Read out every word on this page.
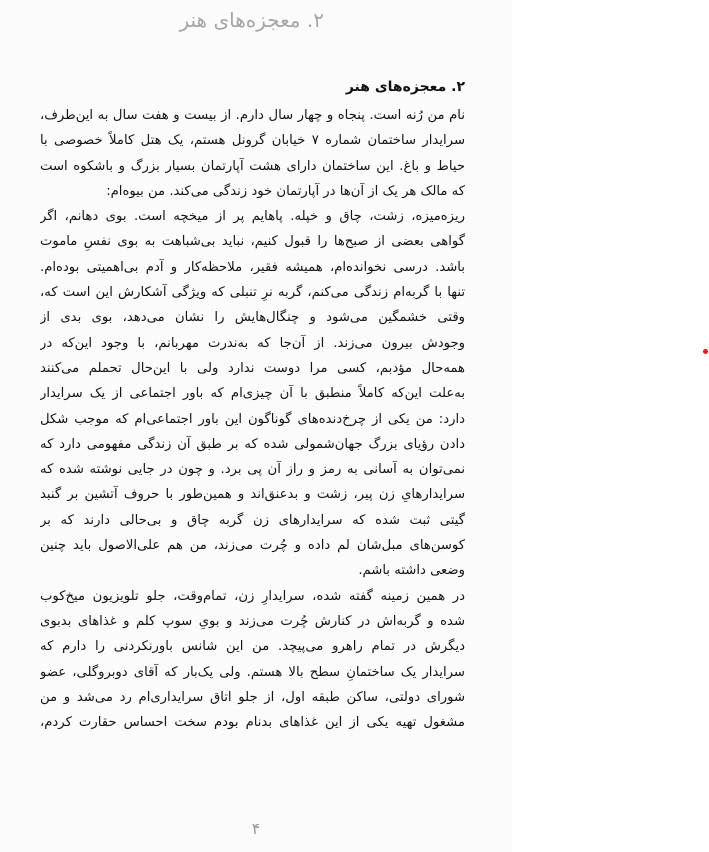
۲. معجزه‌های هنر
۲. معجزه‌های هنر
نام من رُنه است. پنجاه و چهار سال دارم. از بیست و هفت سال به این‌طرف،
سرایدار ساختمان شماره ۷ خیابان گرونل هستم، یک هتل کاملاً خصوصی با
حیاط و باغ. این ساختمان دارای هشت آپارتمان بسیار بزرگ و باشکوه است
که مالک هر یک از آن‌ها در آپارتمان خود زندگی می‌کند. من بیوه‌ام:
ریزه‌میزه، زشت، چاق و خپله. پاهایم پر از میخچه است. بوی دهانم، اگر
گواهی بعضی از صبح‌ها را قبول کنیم، نباید بی‌شباهت به بوی نفسِ ماموت
باشد. درسی نخوانده‌ام، همیشه فقیر، ملاحظه‌کار و آدم بی‌اهمیتی بوده‌ام.
تنها با گربه‌ام زندگی می‌کنم، گربه نرِ تنبلی که ویژگی آشکارش این است که،
وقتی خشمگین می‌شود و چنگال‌هایش را نشان می‌دهد، بوی بدی از
وجودش بیرون می‌زند. از آن‌جا که به‌ندرت مهربانم، با وجود این‌که در
همه‌حال مؤدبم، کسی مرا دوست ندارد ولی با این‌حال تحملم می‌کنند
به‌علت این‌که کاملاً منطبق با آن چیزی‌ام که باور اجتماعی از یک سرایدار
دارد: من یکی از چرخ‌دنده‌های گوناگون این باور اجتماعی‌ام که موجب شکل
دادن رؤیای بزرگ جهان‌شمولی شده که بر طبق آن زندگی مفهومی دارد که
نمی‌توان به آسانی به رمز و راز آن پی برد. و چون در جایی نوشته شده که
سرایدارهایِ زن پیر، زشت و بدعنق‌اند و همین‌طور با حروف آتشین بر گنبد
گیتی ثبت شده که سرایدارهای زن گربه چاق و بی‌حالی دارند که بر
کوسن‌های مبل‌شان لم داده و چُرت می‌زند، من هم علی‌الاصول باید چنین
وضعی داشته باشم.
در همین زمینه گفته شده، سرایدارِ زن، تمام‌وقت، جلو تلویزیون میخ‌کوب
شده و گربه‌اش در کنارش چُرت می‌زند و بویِ سوپ کلم و غذاهای بدبوی
دیگرش در تمام راهرو می‌پیچد. من این شانس باورنکردنی را دارم که
سرایدار یک ساختمانِ سطح بالا هستم. ولی یک‌بار که آقای دوبروگلی، عضو
شورای دولتی، ساکن طبقه اول، از جلو اتاق سرایداری‌ام رد می‌شد و من
مشغول تهیه یکی از این غذاهای بدنام بودم سخت احساس حقارت کردم،
۴
